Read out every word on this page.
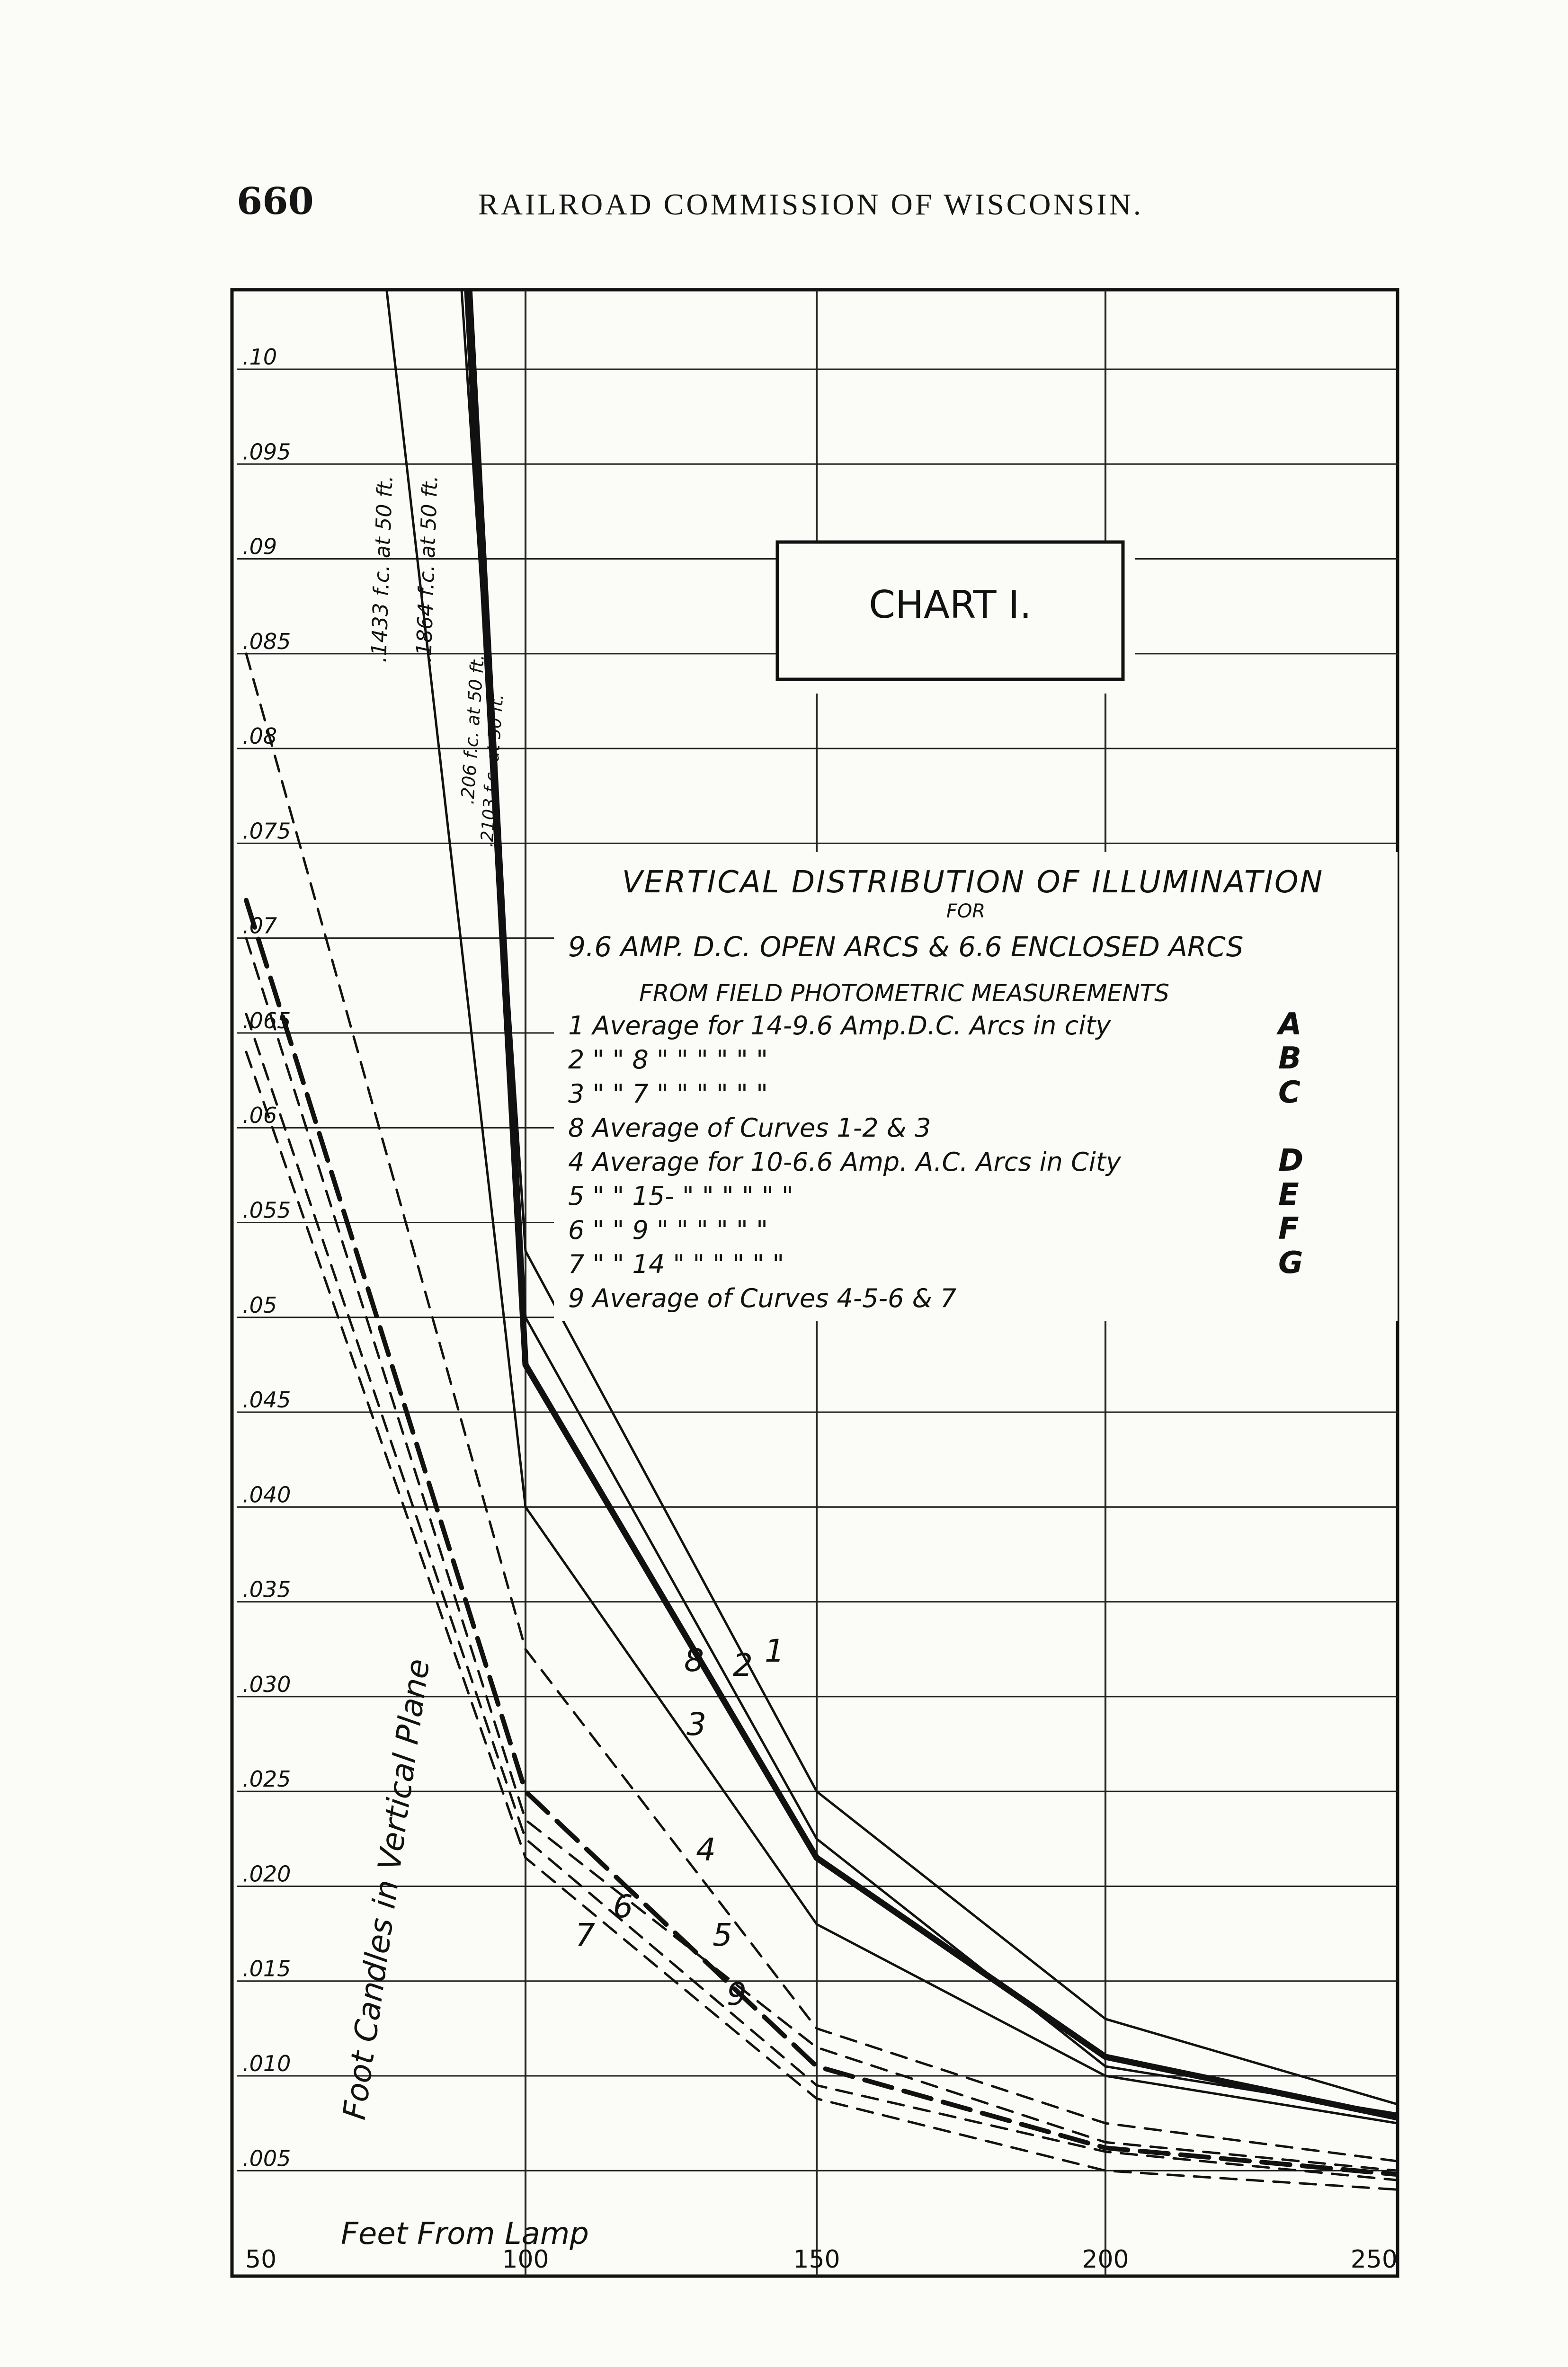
660	RAILROAD COMMISSION OF WISCONSIN.
.005
.010
.015
.020
.025
.030
.035
.040
.045
.05
.055
.06
.065
.07
.075
.08
.085
.09
.095
.10
50	100	150	200	250
CHART I.
VERTICAL DISTRIBUTION OF ILLUMINATION
FOR
9.6 AMP. D.C. OPEN ARCS & 6.6 ENCLOSED ARCS
FROM FIELD PHOTOMETRIC MEASUREMENTS
1 Average for 14-9.6 Amp.D.C. Arcs in city	A
2 " " 8 " " " " " "	B
3 " " 7 " " " " " "	C
8 Average of Curves 1-2 & 3
4 Average for 10-6.6 Amp. A.C. Arcs in City	D
5 " " 15- " " " " " "	E
6 " " 9 " " " " " "	F
7 " " 14 " " " " " "	G
9 Average of Curves 4-5-6 & 7
Foot Candles in Vertical Plane
Feet From Lamp
.1433 f.c. at 50 ft. .1864 f.c. at 50 ft.
.206 f.c. at 50 ft.
.2103 f.c. at 50 ft.
1
2
3
8
4
5
6
7
9
